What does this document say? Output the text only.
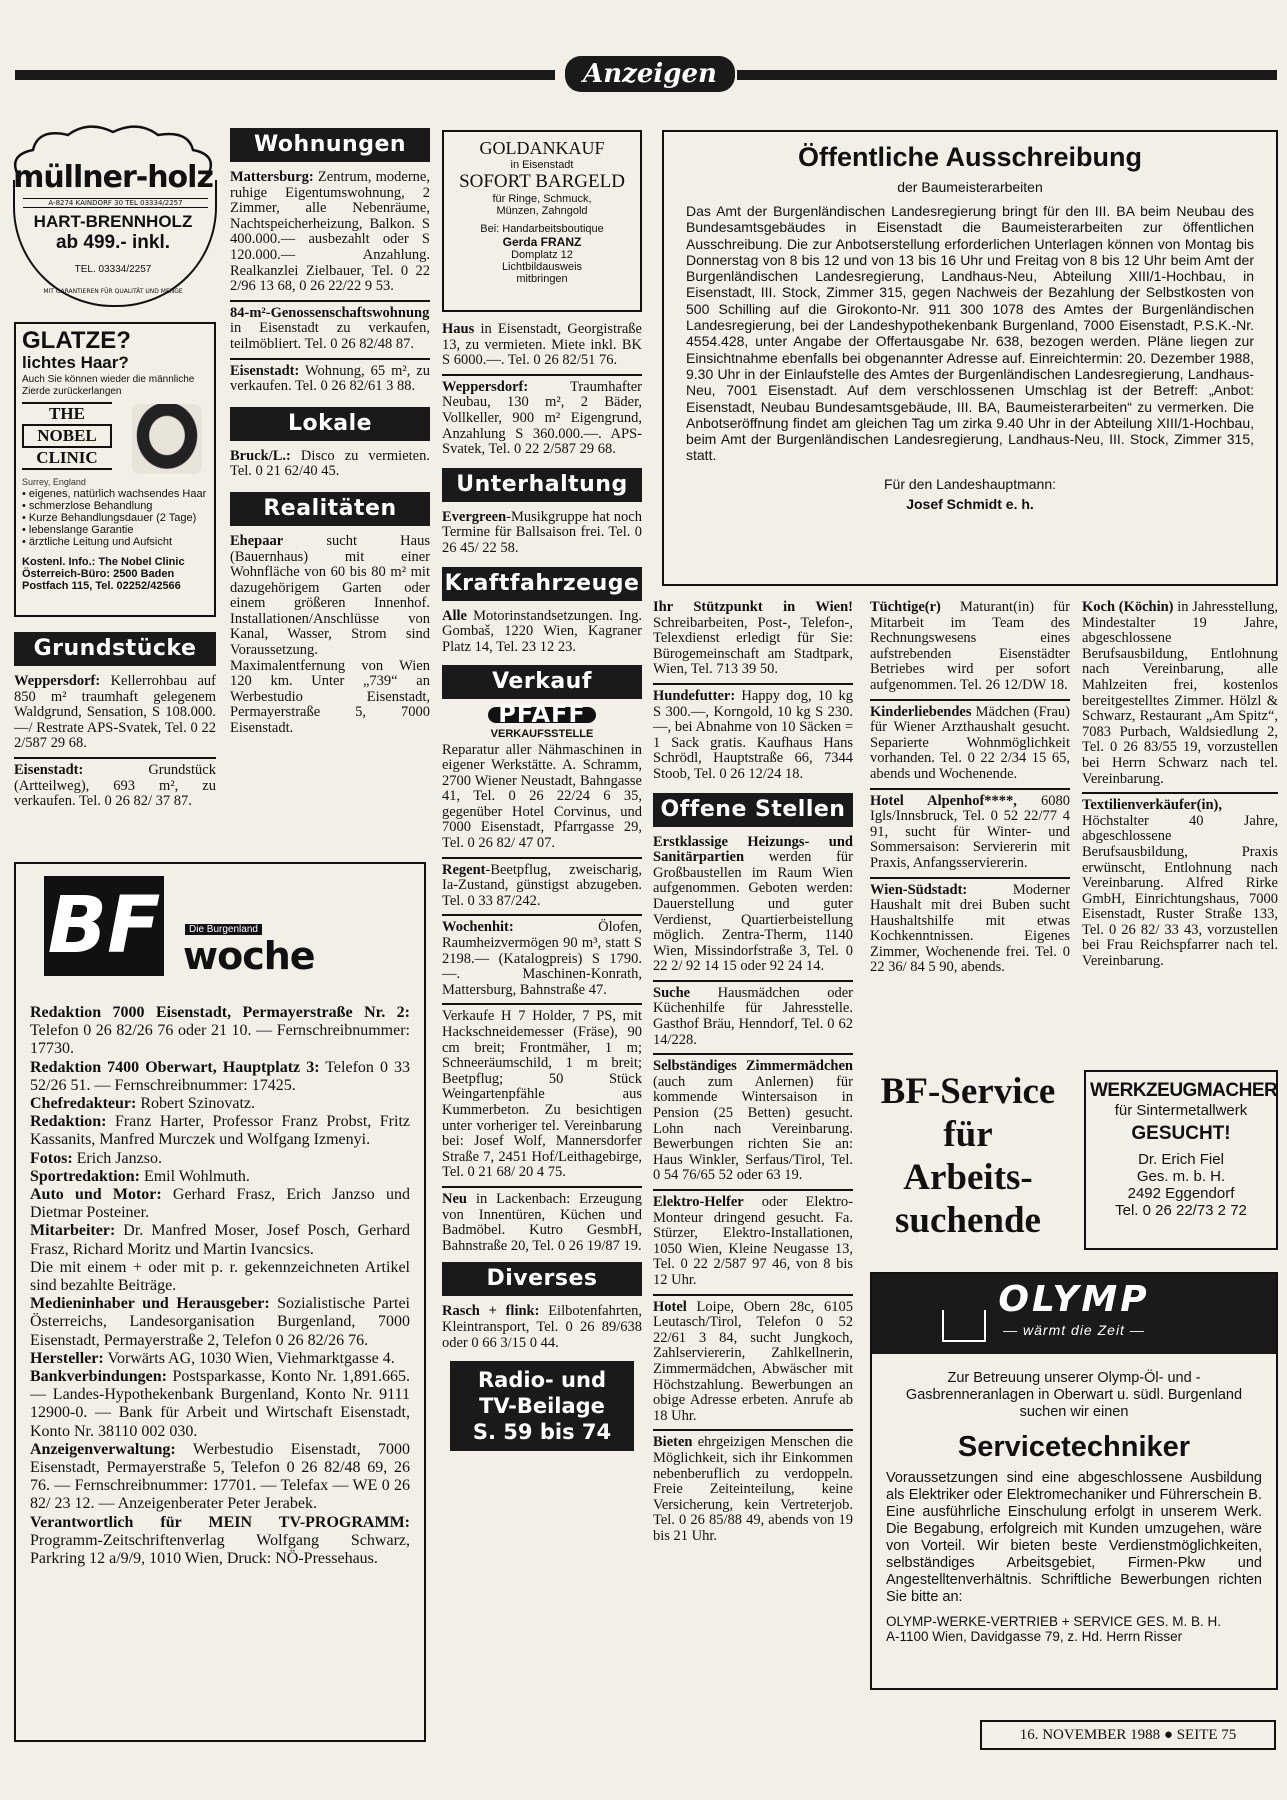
Anzeigen
müllner-holz
A-8274 KAINDORF 30 TEL 03334/2257
HART-BRENNHOLZ
ab 499.- inkl.
TEL. 03334/2257
MIT GARANTIEREN FÜR QUALITÄT UND MENGE
GLATZE?
lichtes Haar?
Auch Sie können wieder die männliche Zierde zurückerlangen
THE
NOBEL
CLINIC
Surrey, England
• eigenes, natürlich wachsendes Haar
• schmerzlose Behandlung
• Kurze Behandlungsdauer (2 Tage)
• lebenslange Garantie
• ärztliche Leitung und Aufsicht
Kostenl. Info.: The Nobel Clinic
Österreich-Büro: 2500 Baden
Postfach 115, Tel. 02252/42566
Grundstücke

Weppersdorf: Kellerrohbau auf 850 m² traumhaft gelegenem Waldgrund, Sensation, S 108.000.—/ Restrate APS-Svatek, Tel. 0 22 2/587 29 68.

Eisenstadt: Grundstück (Artteilweg), 693 m², zu verkaufen. Tel. 0 26 82/ 37 87.

BF	Die Burgenland
woche
Redaktion 7000 Eisenstadt, Permayerstraße Nr. 2: Telefon 0 26 82/26 76 oder 21 10. — Fernschreibnummer: 17730.
Redaktion 7400 Oberwart, Hauptplatz 3: Telefon 0 33 52/26 51. — Fernschreibnummer: 17425.
Chefredakteur: Robert Szinovatz.
Redaktion: Franz Harter, Professor Franz Probst, Fritz Kassanits, Manfred Murczek und Wolfgang Izmenyi.
Fotos: Erich Janzso.
Sportredaktion: Emil Wohlmuth.
Auto und Motor: Gerhard Frasz, Erich Janzso und Dietmar Posteiner.
Mitarbeiter: Dr. Manfred Moser, Josef Posch, Gerhard Frasz, Richard Moritz und Martin Ivancsics.
Die mit einem + oder mit p. r. gekennzeichneten Artikel sind bezahlte Beiträge.
Medieninhaber und Herausgeber: Sozialistische Partei Österreichs, Landesorganisation Burgenland, 7000 Eisenstadt, Permayerstraße 2, Telefon 0 26 82/26 76.
Hersteller: Vorwärts AG, 1030 Wien, Viehmarktgasse 4.
Bankverbindungen: Postsparkasse, Konto Nr. 1,891.665. — Landes-Hypothekenbank Burgenland, Konto Nr. 9111 12900-0. — Bank für Arbeit und Wirtschaft Eisenstadt, Konto Nr. 38110 002 030.
Anzeigenverwaltung: Werbestudio Eisenstadt, 7000 Eisenstadt, Permayerstraße 5, Telefon 0 26 82/48 69, 26 76. — Fernschreibnummer: 17701. — Telefax — WE 0 26 82/ 23 12. — Anzeigenberater Peter Jerabek.
Verantwortlich für MEIN TV-PROGRAMM: Programm-Zeitschriftenverlag Wolfgang Schwarz, Parkring 12 a/9/9, 1010 Wien, Druck: NÖ-Pressehaus.
Wohnungen

Mattersburg: Zentrum, moderne, ruhige Eigentumswohnung, 2 Zimmer, alle Nebenräume, Nachtspeicherheizung, Balkon. S 400.000.— ausbezahlt oder S 120.000.— Anzahlung. Realkanzlei Zielbauer, Tel. 0 22 2/96 13 68, 0 26 22/22 9 53.

84-m²-Genossenschaftswohnung in Eisenstadt zu verkaufen, teilmöbliert. Tel. 0 26 82/48 87.

Eisenstadt: Wohnung, 65 m², zu verkaufen. Tel. 0 26 82/61 3 88.

Lokale

Bruck/L.: Disco zu vermieten. Tel. 0 21 62/40 45.

Realitäten

Ehepaar sucht Haus (Bauernhaus) mit einer Wohnfläche von 60 bis 80 m² mit dazugehörigem Garten oder einem größeren Innenhof. Installationen/Anschlüsse von Kanal, Wasser, Strom sind Voraussetzung. Maximalentfernung von Wien 120 km. Unter „739“ an Werbestudio Eisenstadt, Permayerstraße 5, 7000 Eisenstadt.

GOLDANKAUF
in Eisenstadt
SOFORT BARGELD
für Ringe, Schmuck, Münzen, Zahngold
Bei: Handarbeitsboutique
Gerda FRANZ
Domplatz 12
Lichtbildausweis mitbringen

Haus in Eisenstadt, Georgistraße 13, zu vermieten. Miete inkl. BK S 6000.—. Tel. 0 26 82/51 76.

Weppersdorf: Traumhafter Neubau, 130 m², 2 Bäder, Vollkeller, 900 m² Eigengrund, Anzahlung S 360.000.—. APS-Svatek, Tel. 0 22 2/587 29 68.

Unterhaltung

Evergreen-Musikgruppe hat noch Termine für Ballsaison frei. Tel. 0 26 45/ 22 58.

Kraftfahrzeuge

Alle Motorinstandsetzungen. Ing. Gombaš, 1220 Wien, Kagraner Platz 14, Tel. 23 12 23.

Verkauf
PFAFF
VERKAUFSSTELLE

Reparatur aller Nähmaschinen in eigener Werkstätte. A. Schramm, 2700 Wiener Neustadt, Bahngasse 41, Tel. 0 26 22/24 6 35, gegenüber Hotel Corvinus, und 7000 Eisenstadt, Pfarrgasse 29, Tel. 0 26 82/ 47 07.

Regent-Beetpflug, zweischarig, Ia-Zustand, günstigst abzugeben. Tel. 0 33 87/242.

Wochenhit: Ölofen, Raumheizvermögen 90 m³, statt S 2198.— (Katalogpreis) S 1790.—. Maschinen-Konrath, Mattersburg, Bahnstraße 47.

Verkaufe H 7 Holder, 7 PS, mit Hackschneidemesser (Fräse), 90 cm breit; Frontmäher, 1 m; Schneeräumschild, 1 m breit; Beetpflug; 50 Stück Weingartenpfähle aus Kummerbeton. Zu besichtigen unter vorheriger tel. Vereinbarung bei: Josef Wolf, Mannersdorfer Straße 7, 2451 Hof/Leithagebirge, Tel. 0 21 68/ 20 4 75.

Neu in Lackenbach: Erzeugung von Innentüren, Küchen und Badmöbel. Kutro GesmbH, Bahnstraße 20, Tel. 0 26 19/87 19.

Diverses

Rasch + flink: Eilbotenfahrten, Kleintransport, Tel. 0 26 89/638 oder 0 66 3/15 0 44.

Radio- und
TV-Beilage
S. 59 bis 74
Öffentliche Ausschreibung
der Baumeisterarbeiten
Das Amt der Burgenländischen Landesregierung bringt für den III. BA beim Neubau des Bundesamtsgebäudes in Eisenstadt die Baumeisterarbeiten zur öffentlichen Ausschreibung. Die zur Anbotserstellung erforderlichen Unterlagen können von Montag bis Donnerstag von 8 bis 12 und von 13 bis 16 Uhr und Freitag von 8 bis 12 Uhr beim Amt der Burgenländischen Landesregierung, Landhaus-Neu, Abteilung XIII/1-Hochbau, in Eisenstadt, III. Stock, Zimmer 315, gegen Nachweis der Bezahlung der Selbstkosten von 500 Schilling auf die Girokonto-Nr. 911 300 1078 des Amtes der Burgenländischen Landesregierung, bei der Landeshypothekenbank Burgenland, 7000 Eisenstadt, P.S.K.-Nr. 4554.428, unter Angabe der Offertausgabe Nr. 638, bezogen werden. Pläne liegen zur Einsichtnahme ebenfalls bei obgenannter Adresse auf. Einreichtermin: 20. Dezember 1988, 9.30 Uhr in der Einlaufstelle des Amtes der Burgenländischen Landesregierung, Landhaus-Neu, 7001 Eisenstadt. Auf dem verschlossenen Umschlag ist der Betreff: „Anbot: Eisenstadt, Neubau Bundesamtsgebäude, III. BA, Baumeisterarbeiten“ zu vermerken. Die Anbotseröffnung findet am gleichen Tag um zirka 9.40 Uhr in der Abteilung XIII/1-Hochbau, beim Amt der Burgenländischen Landesregierung, Landhaus-Neu, III. Stock, Zimmer 315, statt.
Für den Landeshauptmann:
Josef Schmidt e. h.

Ihr Stützpunkt in Wien! Schreibarbeiten, Post-, Telefon-, Telexdienst erledigt für Sie: Bürogemeinschaft am Stadtpark, Wien, Tel. 713 39 50.

Hundefutter: Happy dog, 10 kg S 300.—, Korngold, 10 kg S 230.—, bei Abnahme von 10 Säcken = 1 Sack gratis. Kaufhaus Hans Schrödl, Hauptstraße 66, 7344 Stoob, Tel. 0 26 12/24 18.

Offene Stellen

Erstklassige Heizungs- und Sanitärpartien werden für Großbaustellen im Raum Wien aufgenommen. Geboten werden: Dauerstellung und guter Verdienst, Quartierbeistellung möglich. Zentra-Therm, 1140 Wien, Missindorfstraße 3, Tel. 0 22 2/ 92 14 15 oder 92 24 14.

Suche Hausmädchen oder Küchenhilfe für Jahresstelle. Gasthof Bräu, Henndorf, Tel. 0 62 14/228.

Selbständiges Zimmermädchen (auch zum Anlernen) für kommende Wintersaison in Pension (25 Betten) gesucht. Lohn nach Vereinbarung. Bewerbungen richten Sie an: Haus Winkler, Serfaus/Tirol, Tel. 0 54 76/65 52 oder 63 19.

Elektro-Helfer oder Elektro-Monteur dringend gesucht. Fa. Stürzer, Elektro-Installationen, 1050 Wien, Kleine Neugasse 13, Tel. 0 22 2/587 97 46, von 8 bis 12 Uhr.

Hotel Loipe, Obern 28c, 6105 Leutasch/Tirol, Telefon 0 52 22/61 3 84, sucht Jungkoch, Zahlserviererin, Zahlkellnerin, Zimmermädchen, Abwäscher mit Höchstzahlung. Bewerbungen an obige Adresse erbeten. Anrufe ab 18 Uhr.

Bieten ehrgeizigen Menschen die Möglichkeit, sich ihr Einkommen nebenberuflich zu verdoppeln. Freie Zeiteinteilung, keine Versicherung, kein Vertreterjob. Tel. 0 26 85/88 49, abends von 19 bis 21 Uhr.

Tüchtige(r) Maturant(in) für Mitarbeit im Team des Rechnungswesens eines aufstrebenden Eisenstädter Betriebes wird per sofort aufgenommen. Tel. 26 12/DW 18.

Kinderliebendes Mädchen (Frau) für Wiener Arzthaushalt gesucht. Separierte Wohnmöglichkeit vorhanden. Tel. 0 22 2/34 15 65, abends und Wochenende.

Hotel Alpenhof****, 6080 Igls/Innsbruck, Tel. 0 52 22/77 4 91, sucht für Winter- und Sommersaison: Serviererin mit Praxis, Anfangsserviererin.

Wien-Südstadt: Moderner Haushalt mit drei Buben sucht Haushaltshilfe mit etwas Kochkenntnissen. Eigenes Zimmer, Wochenende frei. Tel. 0 22 36/ 84 5 90, abends.

Koch (Köchin) in Jahresstellung, Mindestalter 19 Jahre, abgeschlossene Berufsausbildung, Entlohnung nach Vereinbarung, alle Mahlzeiten frei, kostenlos bereitgestelltes Zimmer. Hölzl & Schwarz, Restaurant „Am Spitz“, 7083 Purbach, Waldsiedlung 2, Tel. 0 26 83/55 19, vorzustellen bei Herrn Schwarz nach tel. Vereinbarung.

Textilienverkäufer(in), Höchstalter 40 Jahre, abgeschlossene Berufsausbildung, Praxis erwünscht, Entlohnung nach Vereinbarung. Alfred Rirke GmbH, Einrichtungshaus, 7000 Eisenstadt, Ruster Straße 133, Tel. 0 26 82/ 33 43, vorzustellen bei Frau Reichspfarrer nach tel. Vereinbarung.

BF-Service
für
Arbeits-
suchende
WERKZEUGMACHER
für Sintermetallwerk
GESUCHT!
Dr. Erich Fiel
Ges. m. b. H.
2492 Eggendorf
Tel. 0 26 22/73 2 72
OLYMP
— wärmt die Zeit —
Zur Betreuung unserer Olymp-Öl- und -Gasbrenneranlagen in Oberwart u. südl. Burgenland suchen wir einen
Servicetechniker
Voraussetzungen sind eine abgeschlossene Ausbildung als Elektriker oder Elektromechaniker und Führerschein B. Eine ausführliche Einschulung erfolgt in unserem Werk. Die Begabung, erfolgreich mit Kunden umzugehen, wäre von Vorteil. Wir bieten beste Verdienstmöglichkeiten, selbständiges Arbeitsgebiet, Firmen-Pkw und Angestelltenverhältnis. Schriftliche Bewerbungen richten Sie bitte an:
OLYMP-WERKE-VERTRIEB + SERVICE GES. M. B. H.
A-1100 Wien, Davidgasse 79, z. Hd. Herrn Risser
16. NOVEMBER 1988 ● SEITE 75
